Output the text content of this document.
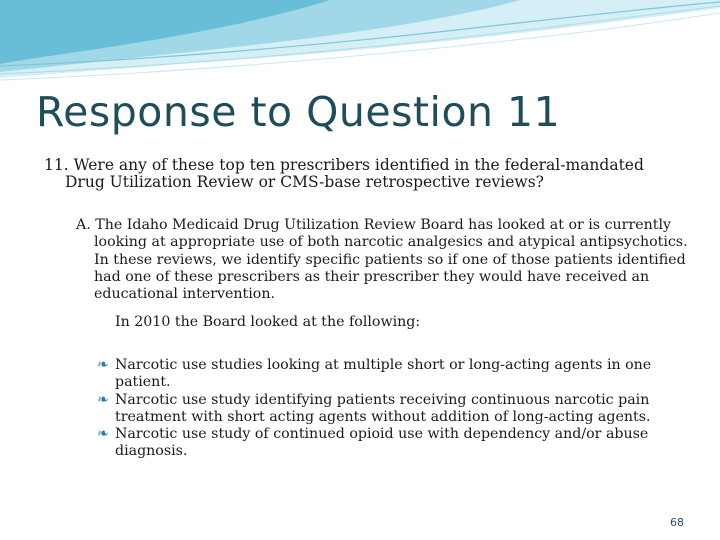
Response to Question 11
11. Were any of these top ten prescribers identified in the federal-mandated Drug Utilization Review or CMS-base retrospective reviews?
A. The Idaho Medicaid Drug Utilization Review Board has looked at or is currently looking at appropriate use of both narcotic analgesics and atypical antipsychotics. In these reviews, we identify specific patients so if one of those patients identified had one of these prescribers as their prescriber they would have received an educational intervention.
In 2010 the Board looked at the following:
❧ Narcotic use studies looking at multiple short or long-acting agents in one patient.
❧ Narcotic use study identifying patients receiving continuous narcotic pain treatment with short acting agents without addition of long-acting agents.
❧ Narcotic use study of continued opioid use with dependency and/or abuse diagnosis.
68
